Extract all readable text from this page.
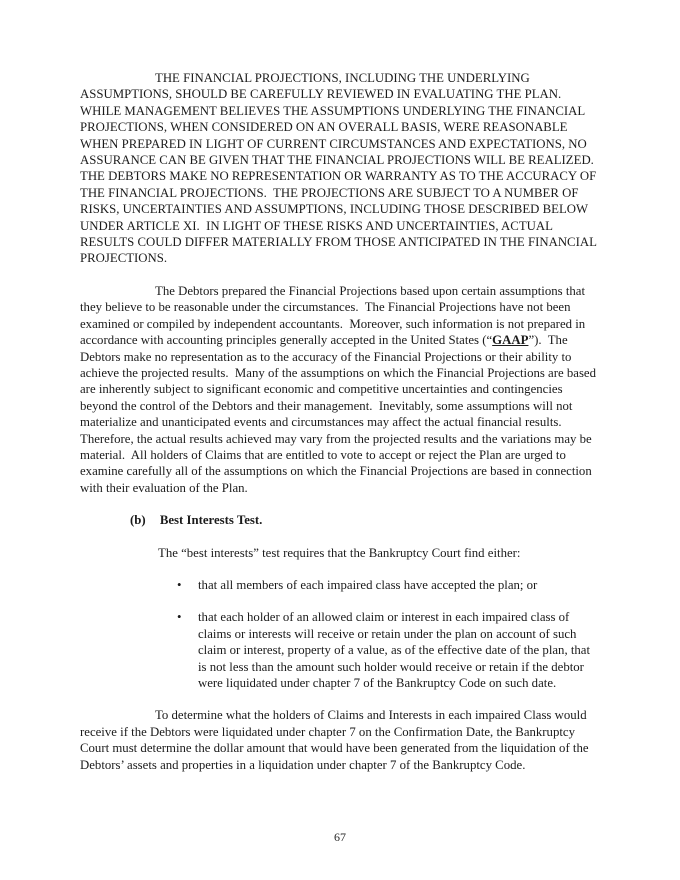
THE FINANCIAL PROJECTIONS, INCLUDING THE UNDERLYING ASSUMPTIONS, SHOULD BE CAREFULLY REVIEWED IN EVALUATING THE PLAN.  WHILE MANAGEMENT BELIEVES THE ASSUMPTIONS UNDERLYING THE FINANCIAL PROJECTIONS, WHEN CONSIDERED ON AN OVERALL BASIS, WERE REASONABLE WHEN PREPARED IN LIGHT OF CURRENT CIRCUMSTANCES AND EXPECTATIONS, NO ASSURANCE CAN BE GIVEN THAT THE FINANCIAL PROJECTIONS WILL BE REALIZED.  THE DEBTORS MAKE NO REPRESENTATION OR WARRANTY AS TO THE ACCURACY OF THE FINANCIAL PROJECTIONS.  THE PROJECTIONS ARE SUBJECT TO A NUMBER OF RISKS, UNCERTAINTIES AND ASSUMPTIONS, INCLUDING THOSE DESCRIBED BELOW UNDER ARTICLE XI.  IN LIGHT OF THESE RISKS AND UNCERTAINTIES, ACTUAL RESULTS COULD DIFFER MATERIALLY FROM THOSE ANTICIPATED IN THE FINANCIAL PROJECTIONS.

The Debtors prepared the Financial Projections based upon certain assumptions that they believe to be reasonable under the circumstances.  The Financial Projections have not been examined or compiled by independent accountants.  Moreover, such information is not prepared in accordance with accounting principles generally accepted in the United States (“GAAP”).  The Debtors make no representation as to the accuracy of the Financial Projections or their ability to achieve the projected results.  Many of the assumptions on which the Financial Projections are based are inherently subject to significant economic and competitive uncertainties and contingencies beyond the control of the Debtors and their management.  Inevitably, some assumptions will not materialize and unanticipated events and circumstances may affect the actual financial results.  Therefore, the actual results achieved may vary from the projected results and the variations may be material.  All holders of Claims that are entitled to vote to accept or reject the Plan are urged to examine carefully all of the assumptions on which the Financial Projections are based in connection with their evaluation of the Plan.

(b) Best Interests Test.

The “best interests” test requires that the Bankruptcy Court find either:

• that all members of each impaired class have accepted the plan; or
• that each holder of an allowed claim or interest in each impaired class of claims or interests will receive or retain under the plan on account of such claim or interest, property of a value, as of the effective date of the plan, that is not less than the amount such holder would receive or retain if the debtor were liquidated under chapter 7 of the Bankruptcy Code on such date.

To determine what the holders of Claims and Interests in each impaired Class would receive if the Debtors were liquidated under chapter 7 on the Confirmation Date, the Bankruptcy Court must determine the dollar amount that would have been generated from the liquidation of the Debtors’ assets and properties in a liquidation under chapter 7 of the Bankruptcy Code.

67
